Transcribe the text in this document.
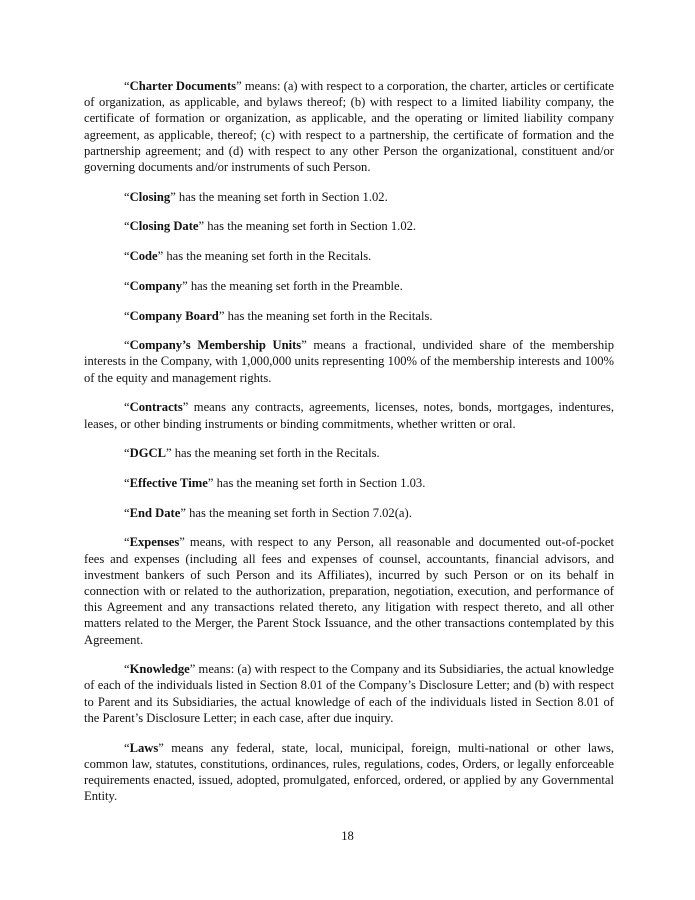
“Charter Documents” means: (a) with respect to a corporation, the charter, articles or certificate of organization, as applicable, and bylaws thereof; (b) with respect to a limited liability company, the certificate of formation or organization, as applicable, and the operating or limited liability company agreement, as applicable, thereof; (c) with respect to a partnership, the certificate of formation and the partnership agreement; and (d) with respect to any other Person the organizational, constituent and/or governing documents and/or instruments of such Person.

“Closing” has the meaning set forth in Section 1.02.

“Closing Date” has the meaning set forth in Section 1.02.

“Code” has the meaning set forth in the Recitals.

“Company” has the meaning set forth in the Preamble.

“Company Board” has the meaning set forth in the Recitals.

“Company’s Membership Units” means a fractional, undivided share of the membership interests in the Company, with 1,000,000 units representing 100% of the membership interests and 100% of the equity and management rights.

“Contracts” means any contracts, agreements, licenses, notes, bonds, mortgages, indentures, leases, or other binding instruments or binding commitments, whether written or oral.

“DGCL” has the meaning set forth in the Recitals.

“Effective Time” has the meaning set forth in Section 1.03.

“End Date” has the meaning set forth in Section 7.02(a).

“Expenses” means, with respect to any Person, all reasonable and documented out-of-pocket fees and expenses (including all fees and expenses of counsel, accountants, financial advisors, and investment bankers of such Person and its Affiliates), incurred by such Person or on its behalf in connection with or related to the authorization, preparation, negotiation, execution, and performance of this Agreement and any transactions related thereto, any litigation with respect thereto, and all other matters related to the Merger, the Parent Stock Issuance, and the other transactions contemplated by this Agreement.

“Knowledge” means: (a) with respect to the Company and its Subsidiaries, the actual knowledge of each of the individuals listed in Section 8.01 of the Company’s Disclosure Letter; and (b) with respect to Parent and its Subsidiaries, the actual knowledge of each of the individuals listed in Section 8.01 of the Parent’s Disclosure Letter; in each case, after due inquiry.

“Laws” means any federal, state, local, municipal, foreign, multi-national or other laws, common law, statutes, constitutions, ordinances, rules, regulations, codes, Orders, or legally enforceable requirements enacted, issued, adopted, promulgated, enforced, ordered, or applied by any Governmental Entity.

18
